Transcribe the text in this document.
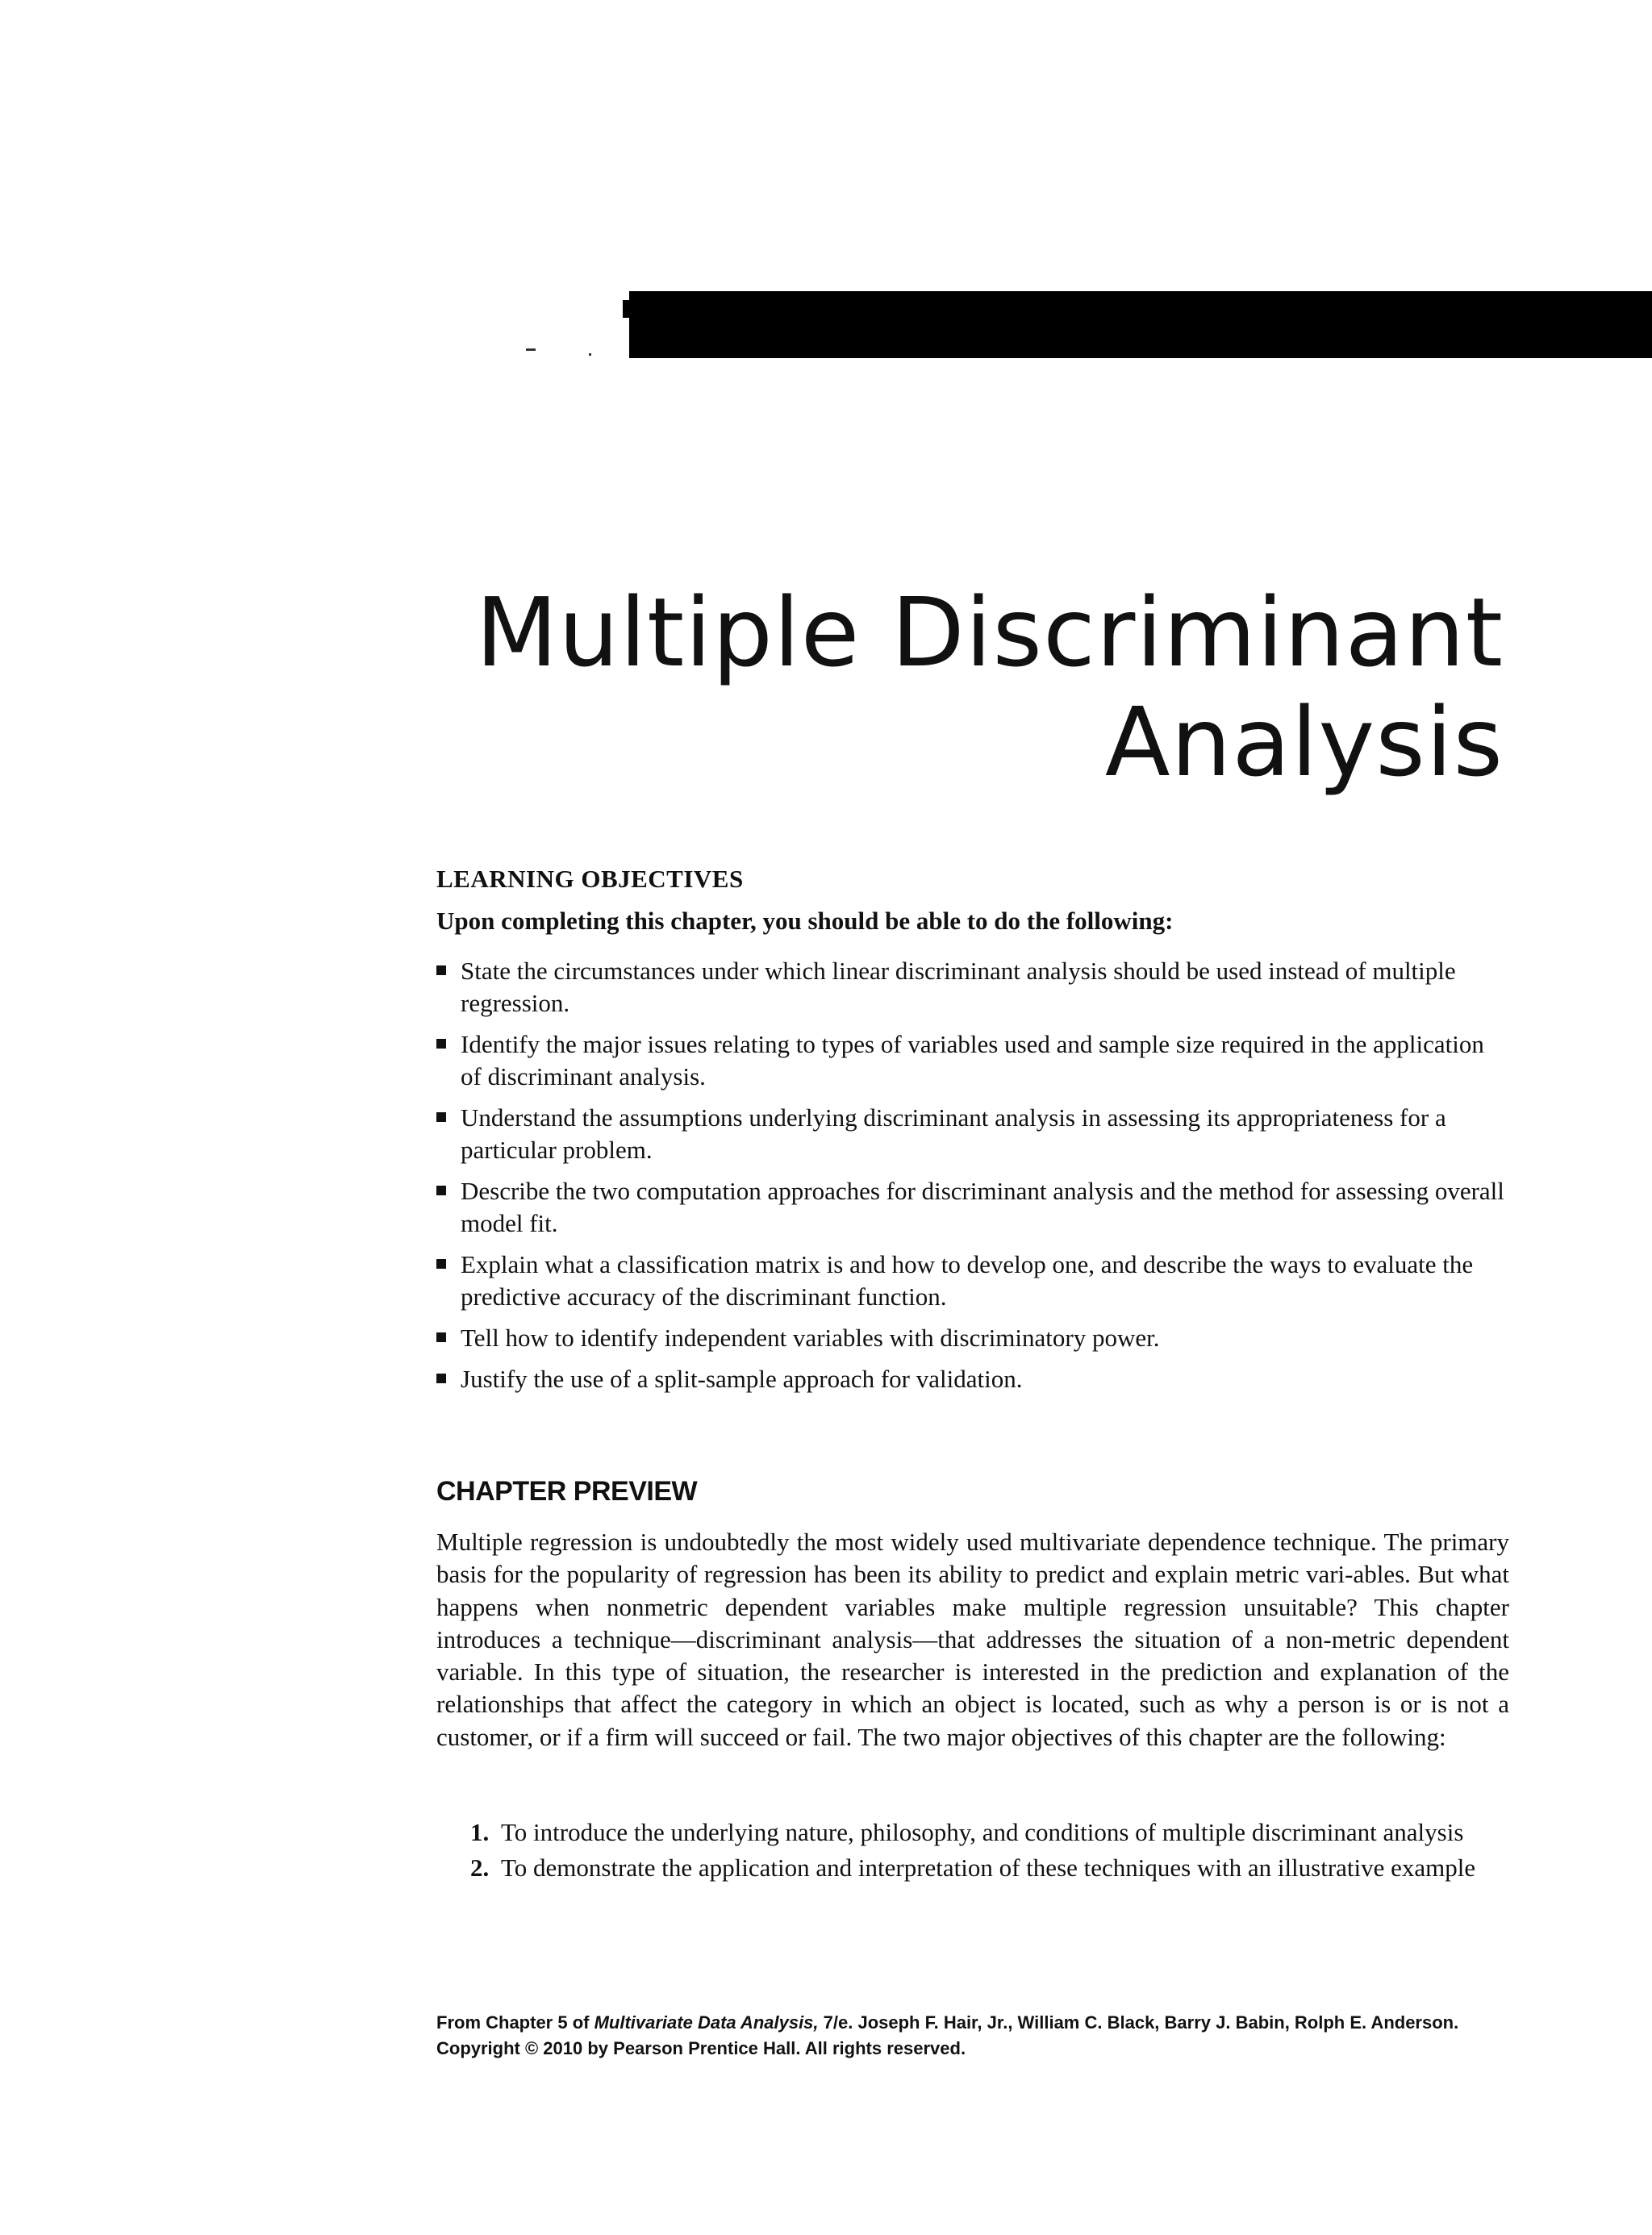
Multiple Discriminant
Analysis
LEARNING OBJECTIVES

Upon completing this chapter, you should be able to do the following:

State the circumstances under which linear discriminant analysis should be used instead of multiple regression.
Identify the major issues relating to types of variables used and sample size required in the application of discriminant analysis.
Understand the assumptions underlying discriminant analysis in assessing its appropriateness for a particular problem.
Describe the two computation approaches for discriminant analysis and the method for assessing overall model fit.
Explain what a classification matrix is and how to develop one, and describe the ways to evaluate the predictive accuracy of the discriminant function.
Tell how to identify independent variables with discriminatory power.
Justify the use of a split-sample approach for validation.
CHAPTER PREVIEW

Multiple regression is undoubtedly the most widely used multivariate dependence technique. The primary basis for the popularity of regression has been its ability to predict and explain metric vari-ables. But what happens when nonmetric dependent variables make multiple regression unsuitable? This chapter introduces a technique—discriminant analysis—that addresses the situation of a non-metric dependent variable. In this type of situation, the researcher is interested in the prediction and explanation of the relationships that affect the category in which an object is located, such as why a person is or is not a customer, or if a firm will succeed or fail. The two major objectives of this chapter are the following:

1. To introduce the underlying nature, philosophy, and conditions of multiple discriminant analysis
2. To demonstrate the application and interpretation of these techniques with an illustrative example
From Chapter 5 of Multivariate Data Analysis, 7/e. Joseph F. Hair, Jr., William C. Black, Barry J. Babin, Rolph E. Anderson.
Copyright © 2010 by Pearson Prentice Hall. All rights reserved.
